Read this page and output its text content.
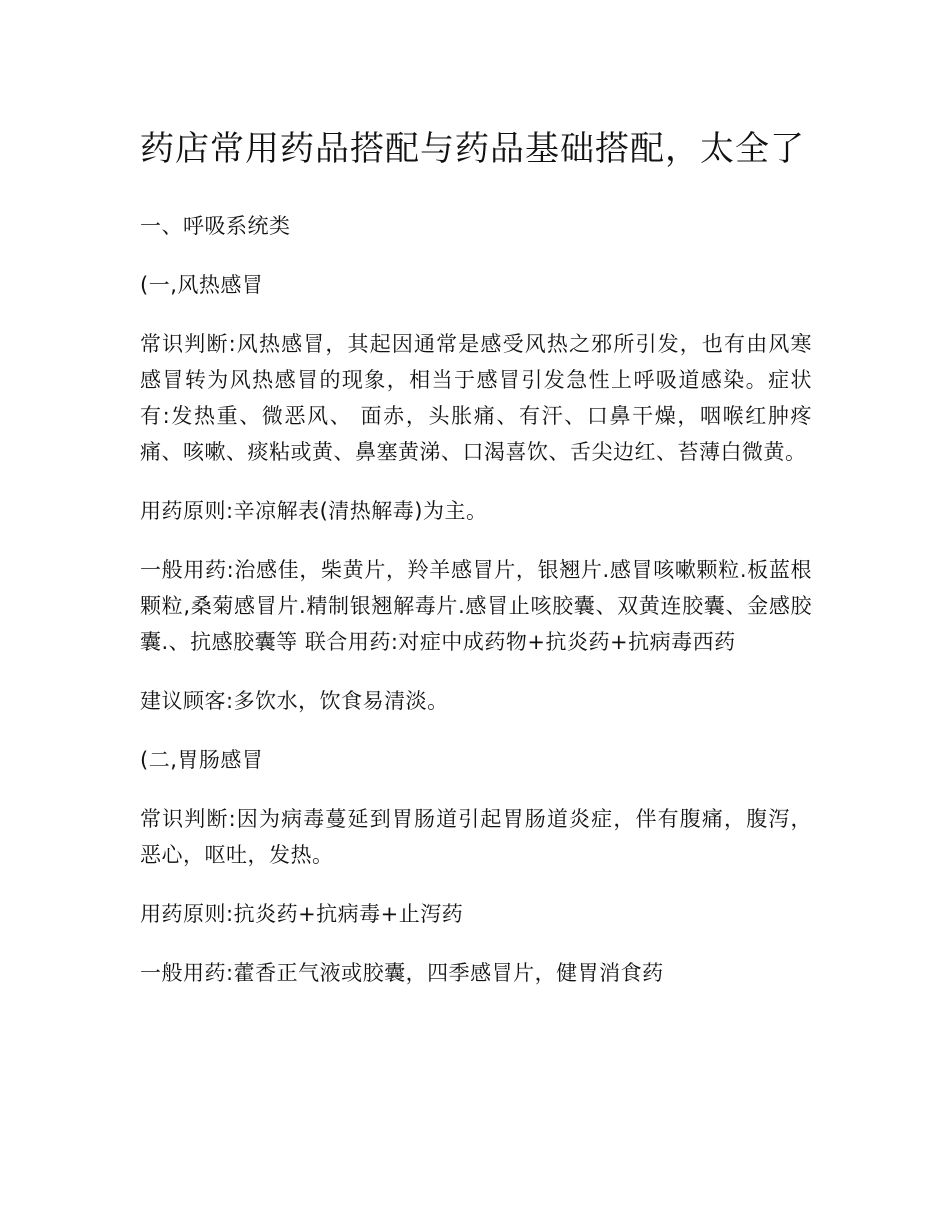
药店常用药品搭配与药品基础搭配，太全了

一、呼吸系统类

(一,风热感冒

常识判断:风热感冒，其起因通常是感受风热之邪所引发，也有由风寒感冒转为风热感冒的现象，相当于感冒引发急性上呼吸道感染。症状有:发热重、微恶风、 面赤，头胀痛、有汗、口鼻干燥，咽喉红肿疼痛、咳嗽、痰粘或黄、鼻塞黄涕、口渴喜饮、舌尖边红、苔薄白微黄。

用药原则:辛凉解表(清热解毒)为主。

一般用药:治感佳，柴黄片，羚羊感冒片，银翘片.感冒咳嗽颗粒.板蓝根颗粒,桑菊感冒片.精制银翘解毒片.感冒止咳胶囊、双黄连胶囊、金感胶囊.、抗感胶囊等 联合用药:对症中成药物+抗炎药+抗病毒西药

建议顾客:多饮水，饮食易清淡。

(二,胃肠感冒

常识判断:因为病毒蔓延到胃肠道引起胃肠道炎症，伴有腹痛，腹泻，恶心，呕吐，发热。

用药原则:抗炎药+抗病毒+止泻药

一般用药:藿香正气液或胶囊，四季感冒片，健胃消食药
